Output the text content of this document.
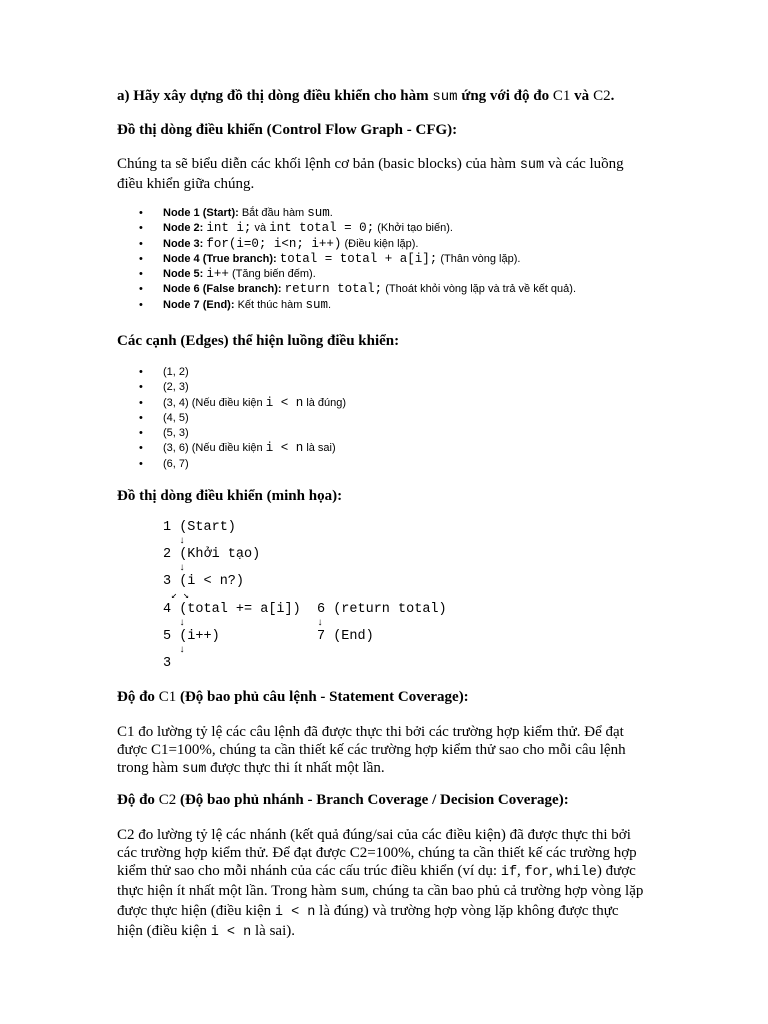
a) Hãy xây dựng đồ thị dòng điều khiển cho hàm sum ứng với độ đo C1 và C2.
Đồ thị dòng điều khiển (Control Flow Graph - CFG):
Chúng ta sẽ biểu diễn các khối lệnh cơ bản (basic blocks) của hàm sum và các luồng điều khiển giữa chúng.
• Node 1 (Start): Bắt đầu hàm sum.
• Node 2: int i; và int total = 0; (Khởi tạo biến).
• Node 3: for(i=0; i<n; i++) (Điều kiện lặp).
• Node 4 (True branch): total = total + a[i]; (Thân vòng lặp).
• Node 5: i++ (Tăng biến đếm).
• Node 6 (False branch): return total; (Thoát khỏi vòng lặp và trả về kết quả).
• Node 7 (End): Kết thúc hàm sum.
Các cạnh (Edges) thể hiện luồng điều khiển:
• (1, 2)
• (2, 3)
• (3, 4) (Nếu điều kiện i < n là đúng)
• (4, 5)
• (5, 3)
• (3, 6) (Nếu điều kiện i < n là sai)
• (6, 7)
Đồ thị dòng điều khiển (minh họa):
1 (Start)
↓
2 (Khởi tạo)
↓
3 (i < n?)
↙ ↘
4 (total += a[i]) 6 (return total)
↓	↓
5 (i++)	7 (End)
↓
3
Độ đo C1 (Độ bao phủ câu lệnh - Statement Coverage):
C1 đo lường tỷ lệ các câu lệnh đã được thực thi bởi các trường hợp kiểm thử. Để đạt được C1=100%, chúng ta cần thiết kế các trường hợp kiểm thử sao cho mỗi câu lệnh trong hàm sum được thực thi ít nhất một lần.
Độ đo C2 (Độ bao phủ nhánh - Branch Coverage / Decision Coverage):
C2 đo lường tỷ lệ các nhánh (kết quả đúng/sai của các điều kiện) đã được thực thi bởi các trường hợp kiểm thử. Để đạt được C2=100%, chúng ta cần thiết kế các trường hợp kiểm thử sao cho mỗi nhánh của các cấu trúc điều khiển (ví dụ: if, for, while) được thực hiện ít nhất một lần. Trong hàm sum, chúng ta cần bao phủ cả trường hợp vòng lặp được thực hiện (điều kiện i < n là đúng) và trường hợp vòng lặp không được thực hiện (điều kiện i < n là sai).
